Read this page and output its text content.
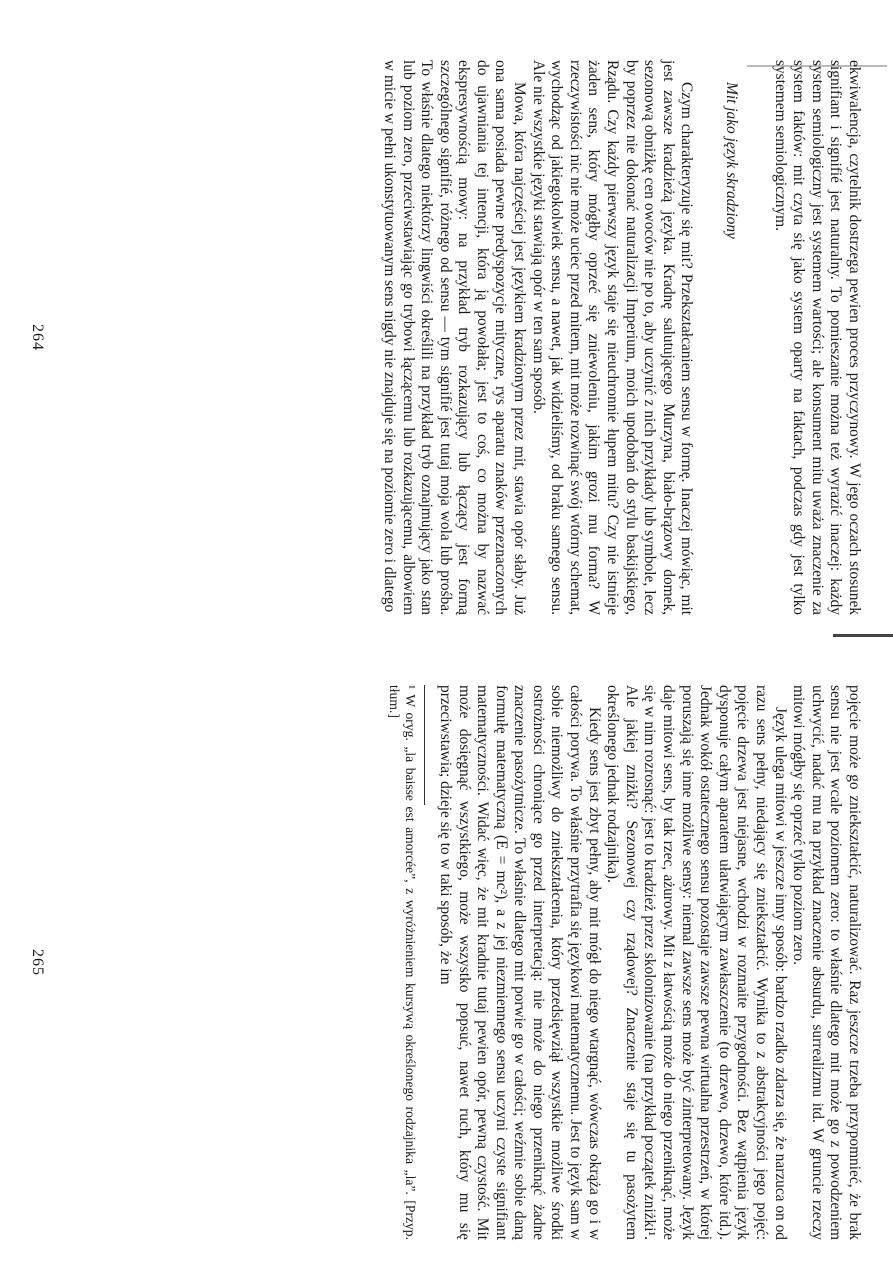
ekwiwalencja, czytelnik dostrzega pewien proces przyczynowy. W jego oczach stosunek signifiant i signifié jest naturalny. To pomieszanie można też wyrazić inaczej: każdy system semiologiczny jest systemem wartości; ale konsument mitu uważa znaczenie za system faktów: mit czyta się jako system oparty na faktach, podczas gdy jest tylko systemem semiologicznym.

Mit jako język skradziony

Czym charakteryzuje się mit? Przekształcaniem sensu w formę. Inaczej mówiąc, mit jest zawsze kradzieżą języka. Kradnę salutującego Murzyna, biało-brązowy domek, sezonową obniżkę cen owoców nie po to, aby uczynić z nich przykłady lub symbole, lecz by poprzez nie dokonać naturalizacji Imperium, moich upodobań do stylu baskijskiego, Rządu. Czy każdy pierwszy język staje się nieuchronnie łupem mitu? Czy nie istnieje żaden sens, który mógłby oprzeć się zniewoleniu, jakim grozi mu forma? W rzeczywistości nic nie może uciec przed mitem, mit może rozwinąć swój wtórny schemat, wychodząc od jakiegokolwiek sensu, a nawet, jak widzieliśmy, od braku samego sensu. Ale nie wszystkie języki stawiają opór w ten sam sposób.

Mowa, która najczęściej jest językiem kradzionym przez mit, stawia opór słaby. Już ona sama posiada pewne predyspozycje mityczne, rys aparatu znaków przeznaczonych do ujawniania tej intencji, która ją powołała; jest to coś, co można by nazwać ekspresywnością mowy: na przykład tryb rozkazujący lub łączący jest formą szczególnego signifié, różnego od sensu — tym signifié jest tutaj moja wola lub prośba. To właśnie dlatego niektórzy lingwiści określili na przykład tryb oznajmujący jako stan lub poziom zero, przeciwstawiając go trybowi łączącemu lub rozkazującemu, albowiem w micie w pełni ukonstytuowanym sens nigdy nie znajduje się na poziomie zero i dlatego

264

pojęcie może go zniekształcić, naturalizować. Raz jeszcze trzeba przypomnieć, że brak sensu nie jest wcale poziomem zero: to właśnie dlatego mit może go z powodzeniem uchwycić, nadać mu na przykład znaczenie absurdu, surrealizmu itd. W gruncie rzeczy mitowi mógłby się oprzeć tylko poziom zero.

Język ulega mitowi w jeszcze inny sposób: bardzo rzadko zdarza się, że narzuca on od razu sens pełny, niedający się zniekształcić. Wynika to z abstrakcyjności jego pojęć: pojęcie drzewa jest niejasne, wchodzi w rozmaite przygodności. Bez wątpienia język dysponuje całym aparatem ułatwiającym zawłaszczenie (to drzewo, drzewo, które itd.). Jednak wokół ostatecznego sensu pozostaje zawsze pewna wirtualna przestrzeń, w której poruszają się inne możliwe sensy: niemal zawsze sens może być zinterpretowany. Język daje mitowi sens, by tak rzec, ażurowy. Mit z łatwością może do niego przeniknąć, może się w nim rozrosnąć: jest to kradzież przez skolonizowanie (na przykład początek zniżki¹. Ale jakiej zniżki? Sezonowej czy rządowej? Znaczenie staje się tu pasożytem określonego jednak rodzajnika).

Kiedy sens jest zbyt pełny, aby mit mógł do niego wtargnąć, wówczas okrąża go i w całości porywa. To właśnie przytrafia się językowi matematycznemu. Jest to język sam w sobie niemożliwy do zniekształcenia, który przedsięwziął wszystkie możliwe środki ostrożności chroniące go przed interpretacją: nie może do niego przeniknąć żadne znaczenie pasożytnicze. To właśnie dlatego mit porwie go w całości; weźmie sobie daną formułę matematyczną (E = mc²), a z jej niezmiennego sensu uczyni czyste signifiant matematyczności. Widać więc, że mit kradnie tutaj pewien opór, pewną czystość. Mit może dosięgnąć wszystkiego, może wszystko popsuć, nawet ruch, który mu się przeciwstawia; dzieje się to w taki sposób, że im

¹ W oryg. „la baisse est amorcée”, z wyróżnieniem kursywą określonego rodzajnika „la”. [Przyp. tłum.]

265
